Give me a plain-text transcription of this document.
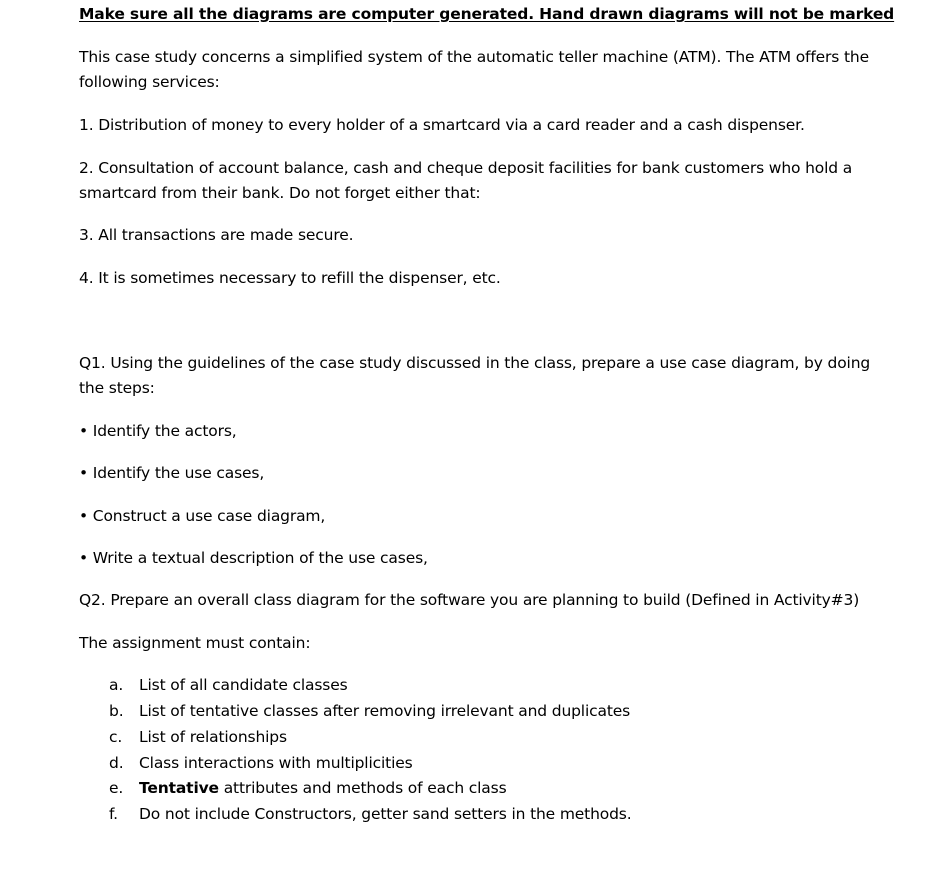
Make sure all the diagrams are computer generated. Hand drawn diagrams will not be marked
This case study concerns a simplified system of the automatic teller machine (ATM). The ATM offers the
following services:
1. Distribution of money to every holder of a smartcard via a card reader and a cash dispenser.
2. Consultation of account balance, cash and cheque deposit facilities for bank customers who hold a
smartcard from their bank. Do not forget either that:
3. All transactions are made secure.
4. It is sometimes necessary to refill the dispenser, etc.
Q1. Using the guidelines of the case study discussed in the class, prepare a use case diagram, by doing
the steps:
• Identify the actors,
• Identify the use cases,
• Construct a use case diagram,
• Write a textual description of the use cases,
Q2. Prepare an overall class diagram for the software you are planning to build (Defined in Activity#3)
The assignment must contain:
a.	List of all candidate classes
b.	List of tentative classes after removing irrelevant and duplicates
c.	List of relationships
d.	Class interactions with multiplicities
e.	Tentative attributes and methods of each class
f.	Do not include Constructors, getter sand setters in the methods.
